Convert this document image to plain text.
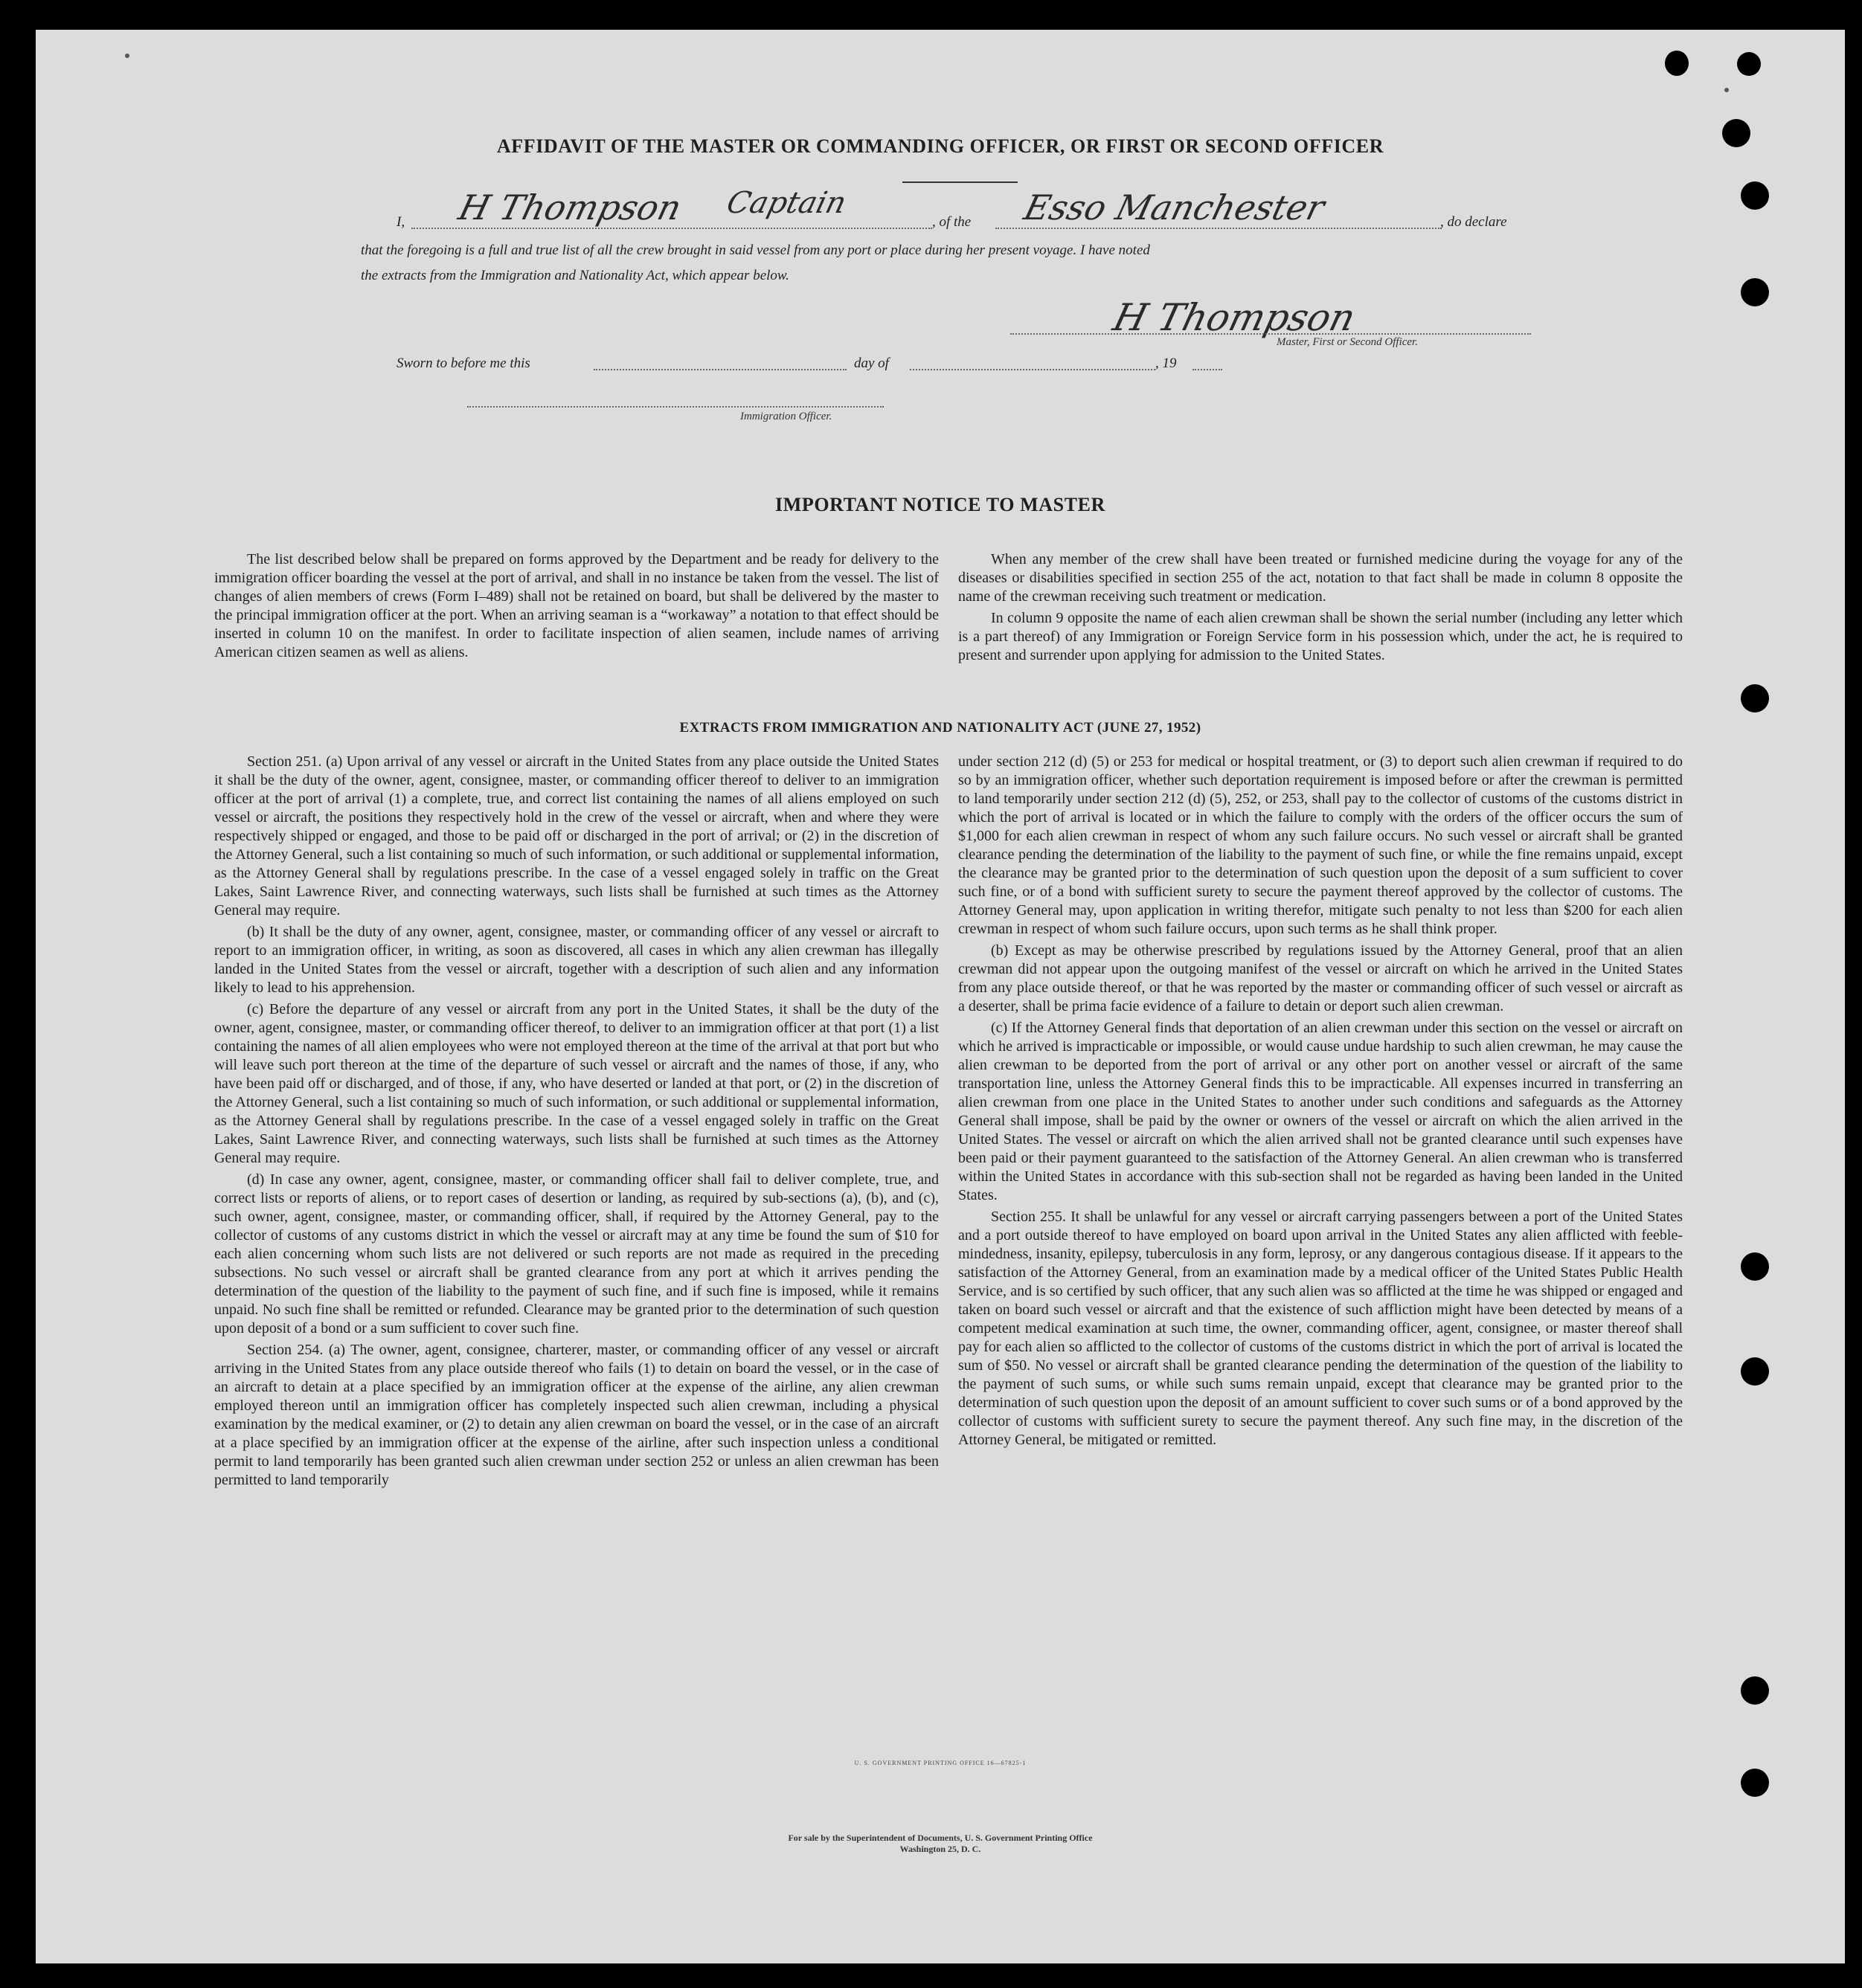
AFFIDAVIT OF THE MASTER OR COMMANDING OFFICER, OR FIRST OR SECOND OFFICER
I, H Thompson Captain
, of the Esso Manchester	, do declare
that the foregoing is a full and true list of all the crew brought in said vessel from any port or place during her present voyage. I have noted
the extracts from the Immigration and Nationality Act, which appear below.
H Thompson
Master, First or Second Officer.
Sworn to before me this	day of	, 19
Immigration Officer.
IMPORTANT NOTICE TO MASTER

The list described below shall be prepared on forms approved by the Department and be ready for delivery to the immigration officer boarding the vessel at the port of arrival, and shall in no instance be taken from the vessel. The list of changes of alien members of crews (Form I–489) shall not be retained on board, but shall be delivered by the master to the principal immigration officer at the port. When an arriving seaman is a “workaway” a notation to that effect should be inserted in column 10 on the manifest. In order to facilitate inspection of alien seamen, include names of arriving American citizen seamen as well as aliens.

When any member of the crew shall have been treated or furnished medicine during the voyage for any of the diseases or disabilities specified in section 255 of the act, notation to that fact shall be made in column 8 opposite the name of the crewman receiving such treatment or medication.

In column 9 opposite the name of each alien crewman shall be shown the serial number (including any letter which is a part thereof) of any Immigration or Foreign Service form in his possession which, under the act, he is required to present and surrender upon applying for admission to the United States.

EXTRACTS FROM IMMIGRATION AND NATIONALITY ACT (JUNE 27, 1952)

Section 251. (a) Upon arrival of any vessel or aircraft in the United States from any place outside the United States it shall be the duty of the owner, agent, consignee, master, or commanding officer thereof to deliver to an immigration officer at the port of arrival (1) a complete, true, and correct list containing the names of all aliens employed on such vessel or aircraft, the positions they respectively hold in the crew of the vessel or aircraft, when and where they were respectively shipped or engaged, and those to be paid off or discharged in the port of arrival; or (2) in the discretion of the Attorney General, such a list containing so much of such information, or such additional or supplemental information, as the Attorney General shall by regulations prescribe. In the case of a vessel engaged solely in traffic on the Great Lakes, Saint Lawrence River, and connecting waterways, such lists shall be furnished at such times as the Attorney General may require.

(b) It shall be the duty of any owner, agent, consignee, master, or commanding officer of any vessel or aircraft to report to an immigration officer, in writing, as soon as discovered, all cases in which any alien crewman has illegally landed in the United States from the vessel or aircraft, together with a description of such alien and any information likely to lead to his apprehension.

(c) Before the departure of any vessel or aircraft from any port in the United States, it shall be the duty of the owner, agent, consignee, master, or commanding officer thereof, to deliver to an immigration officer at that port (1) a list containing the names of all alien employees who were not employed thereon at the time of the arrival at that port but who will leave such port thereon at the time of the departure of such vessel or aircraft and the names of those, if any, who have been paid off or discharged, and of those, if any, who have deserted or landed at that port, or (2) in the discretion of the Attorney General, such a list containing so much of such information, or such additional or supplemental information, as the Attorney General shall by regulations prescribe. In the case of a vessel engaged solely in traffic on the Great Lakes, Saint Lawrence River, and connecting waterways, such lists shall be furnished at such times as the Attorney General may require.

(d) In case any owner, agent, consignee, master, or commanding officer shall fail to deliver complete, true, and correct lists or reports of aliens, or to report cases of desertion or landing, as required by sub-sections (a), (b), and (c), such owner, agent, consignee, master, or commanding officer, shall, if required by the Attorney General, pay to the collector of customs of any customs district in which the vessel or aircraft may at any time be found the sum of $10 for each alien concerning whom such lists are not delivered or such reports are not made as required in the preceding subsections. No such vessel or aircraft shall be granted clearance from any port at which it arrives pending the determination of the question of the liability to the payment of such fine, and if such fine is imposed, while it remains unpaid. No such fine shall be remitted or refunded. Clearance may be granted prior to the determination of such question upon deposit of a bond or a sum sufficient to cover such fine.

Section 254. (a) The owner, agent, consignee, charterer, master, or commanding officer of any vessel or aircraft arriving in the United States from any place outside thereof who fails (1) to detain on board the vessel, or in the case of an aircraft to detain at a place specified by an immigration officer at the expense of the airline, any alien crewman employed thereon until an immigration officer has completely inspected such alien crewman, including a physical examination by the medical examiner, or (2) to detain any alien crewman on board the vessel, or in the case of an aircraft at a place specified by an immigration officer at the expense of the airline, after such inspection unless a conditional permit to land temporarily has been granted such alien crewman under section 252 or unless an alien crewman has been permitted to land temporarily

under section 212 (d) (5) or 253 for medical or hospital treatment, or (3) to deport such alien crewman if required to do so by an immigration officer, whether such deportation requirement is imposed before or after the crewman is permitted to land temporarily under section 212 (d) (5), 252, or 253, shall pay to the collector of customs of the customs district in which the port of arrival is located or in which the failure to comply with the orders of the officer occurs the sum of $1,000 for each alien crewman in respect of whom any such failure occurs. No such vessel or aircraft shall be granted clearance pending the determination of the liability to the payment of such fine, or while the fine remains unpaid, except the clearance may be granted prior to the determination of such question upon the deposit of a sum sufficient to cover such fine, or of a bond with sufficient surety to secure the payment thereof approved by the collector of customs. The Attorney General may, upon application in writing therefor, mitigate such penalty to not less than $200 for each alien crewman in respect of whom such failure occurs, upon such terms as he shall think proper.

(b) Except as may be otherwise prescribed by regulations issued by the Attorney General, proof that an alien crewman did not appear upon the outgoing manifest of the vessel or aircraft on which he arrived in the United States from any place outside thereof, or that he was reported by the master or commanding officer of such vessel or aircraft as a deserter, shall be prima facie evidence of a failure to detain or deport such alien crewman.

(c) If the Attorney General finds that deportation of an alien crewman under this section on the vessel or aircraft on which he arrived is impracticable or impossible, or would cause undue hardship to such alien crewman, he may cause the alien crewman to be deported from the port of arrival or any other port on another vessel or aircraft of the same transportation line, unless the Attorney General finds this to be impracticable. All expenses incurred in transferring an alien crewman from one place in the United States to another under such conditions and safeguards as the Attorney General shall impose, shall be paid by the owner or owners of the vessel or aircraft on which the alien arrived in the United States. The vessel or aircraft on which the alien arrived shall not be granted clearance until such expenses have been paid or their payment guaranteed to the satisfaction of the Attorney General. An alien crewman who is transferred within the United States in accordance with this sub-section shall not be regarded as having been landed in the United States.

Section 255. It shall be unlawful for any vessel or aircraft carrying passengers between a port of the United States and a port outside thereof to have employed on board upon arrival in the United States any alien afflicted with feeble-mindedness, insanity, epilepsy, tuberculosis in any form, leprosy, or any dangerous contagious disease. If it appears to the satisfaction of the Attorney General, from an examination made by a medical officer of the United States Public Health Service, and is so certified by such officer, that any such alien was so afflicted at the time he was shipped or engaged and taken on board such vessel or aircraft and that the existence of such affliction might have been detected by means of a competent medical examination at such time, the owner, commanding officer, agent, consignee, or master thereof shall pay for each alien so afflicted to the collector of customs of the customs district in which the port of arrival is located the sum of $50. No vessel or aircraft shall be granted clearance pending the determination of the question of the liability to the payment of such sums, or while such sums remain unpaid, except that clearance may be granted prior to the determination of such question upon the deposit of an amount sufficient to cover such sums or of a bond approved by the collector of customs with sufficient surety to secure the payment thereof. Any such fine may, in the discretion of the Attorney General, be mitigated or remitted.

U. S. GOVERNMENT PRINTING OFFICE 16—67825-1
For sale by the Superintendent of Documents, U. S. Government Printing Office
Washington 25, D. C.
